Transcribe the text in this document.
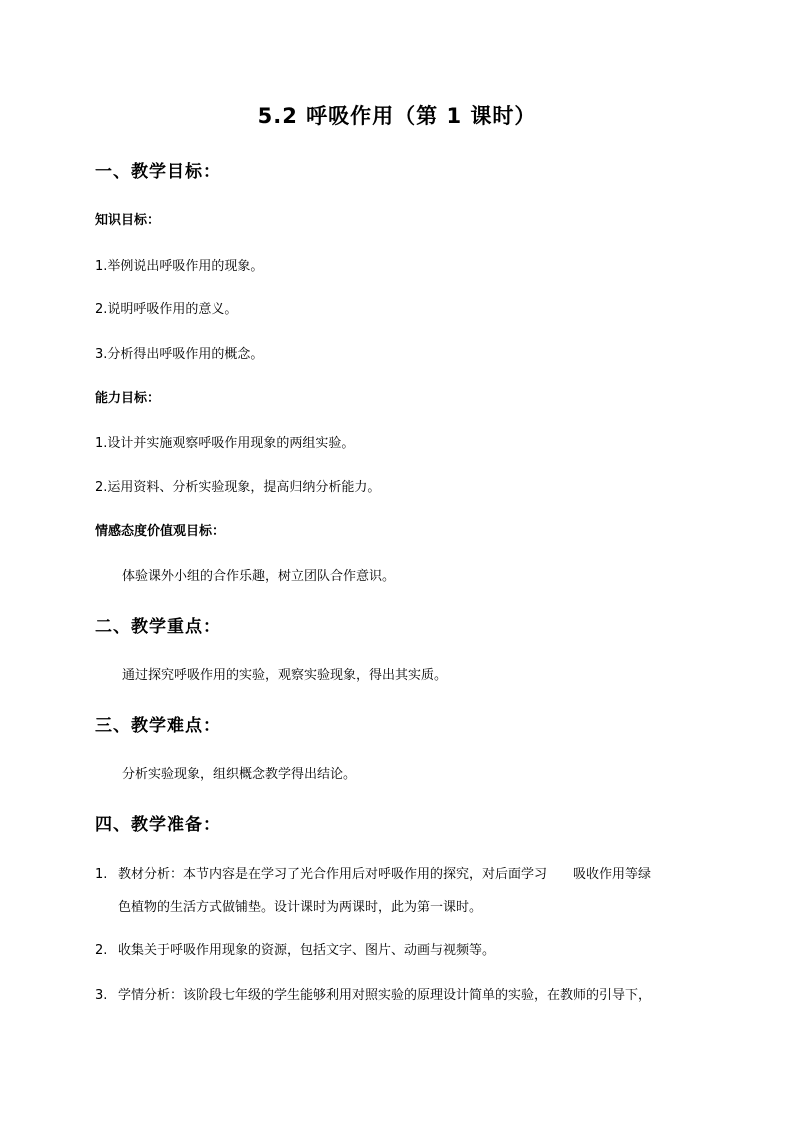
5.2 呼吸作用（第 1 课时）
一、教学目标：
知识目标：
1.举例说出呼吸作用的现象。
2.说明呼吸作用的意义。
3.分析得出呼吸作用的概念。
能力目标：
1.设计并实施观察呼吸作用现象的两组实验。
2.运用资料、分析实验现象，提高归纳分析能力。
情感态度价值观目标：
体验课外小组的合作乐趣，树立团队合作意识。
二、教学重点：
通过探究呼吸作用的实验，观察实验现象，得出其实质。
三、教学难点：
分析实验现象，组织概念教学得出结论。
四、教学准备：
1. 教材分析：本节内容是在学习了光合作用后对呼吸作用的探究，对后面学习　　吸收作用等绿
色植物的生活方式做铺垫。设计课时为两课时，此为第一课时。
2. 收集关于呼吸作用现象的资源，包括文字、图片、动画与视频等。
3. 学情分析：该阶段七年级的学生能够利用对照实验的原理设计简单的实验，在教师的引导下，
